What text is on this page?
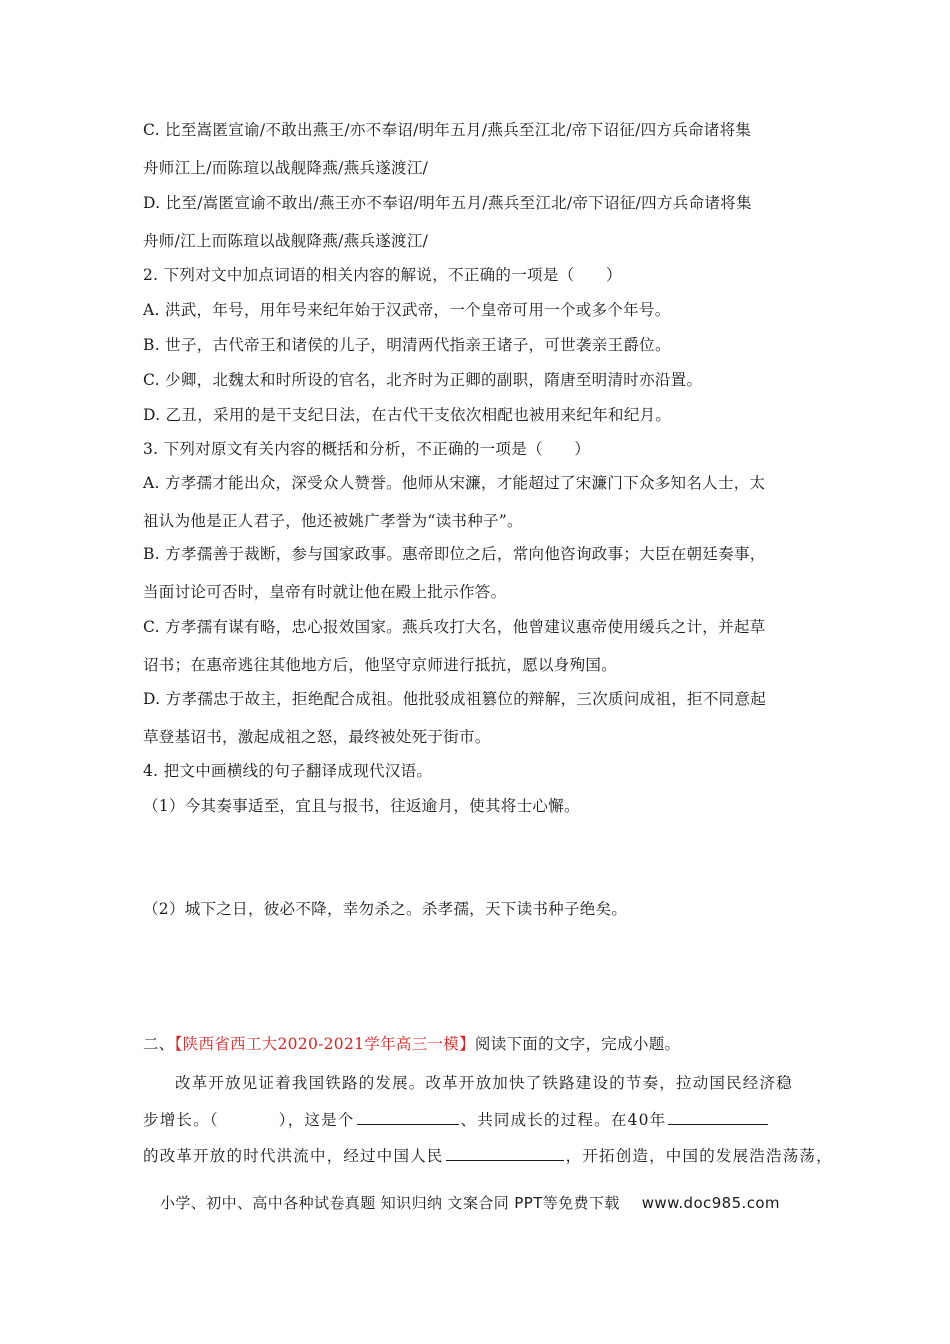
C. 比至嵩匿宣谕/不敢出燕王/亦不奉诏/明年五月/燕兵至江北/帝下诏征/四方兵命诸将集
舟师江上/而陈瑄以战舰降燕/燕兵遂渡江/
D. 比至/嵩匿宣谕不敢出/燕王亦不奉诏/明年五月/燕兵至江北/帝下诏征/四方兵命诸将集
舟师/江上而陈瑄以战舰降燕/燕兵遂渡江/
2. 下列对文中加点词语的相关内容的解说，不正确的一项是（　　）
A. 洪武，年号，用年号来纪年始于汉武帝，一个皇帝可用一个或多个年号。
B. 世子，古代帝王和诸侯的儿子，明清两代指亲王诸子，可世袭亲王爵位。
C. 少卿，北魏太和时所设的官名，北齐时为正卿的副职，隋唐至明清时亦沿置。
D. 乙丑，采用的是干支纪日法，在古代干支依次相配也被用来纪年和纪月。
3. 下列对原文有关内容的概括和分析，不正确的一项是（　　）
A. 方孝孺才能出众，深受众人赞誉。他师从宋濂，才能超过了宋濂门下众多知名人士，太
祖认为他是正人君子，他还被姚广孝誉为“读书种子”。
B. 方孝孺善于裁断，参与国家政事。惠帝即位之后，常向他咨询政事；大臣在朝廷奏事，
当面讨论可否时，皇帝有时就让他在殿上批示作答。
C. 方孝孺有谋有略，忠心报效国家。燕兵攻打大名，他曾建议惠帝使用缓兵之计，并起草
诏书；在惠帝逃往其他地方后，他坚守京师进行抵抗，愿以身殉国。
D. 方孝孺忠于故主，拒绝配合成祖。他批驳成祖篡位的辩解，三次质问成祖，拒不同意起
草登基诏书，激起成祖之怒，最终被处死于街市。
4. 把文中画横线的句子翻译成现代汉语。
（1）今其奏事适至，宜且与报书，往返逾月，使其将士心懈。
（2）城下之日，彼必不降，幸勿杀之。杀孝孺，天下读书种子绝矣。
二、【陕西省西工大2020-2021学年高三一模】阅读下面的文字，完成小题。
改革开放见证着我国铁路的发展。改革开放加快了铁路建设的节奏，拉动国民经济稳
步增长。（	），这是个	、共同成长的过程。在40年
的改革开放的时代洪流中，经过中国人民	，开拓创造，中国的发展浩浩荡荡，
小学、初中、高中各种试卷真题 知识归纳 文案合同 PPT等免费下载 www.doc985.com
